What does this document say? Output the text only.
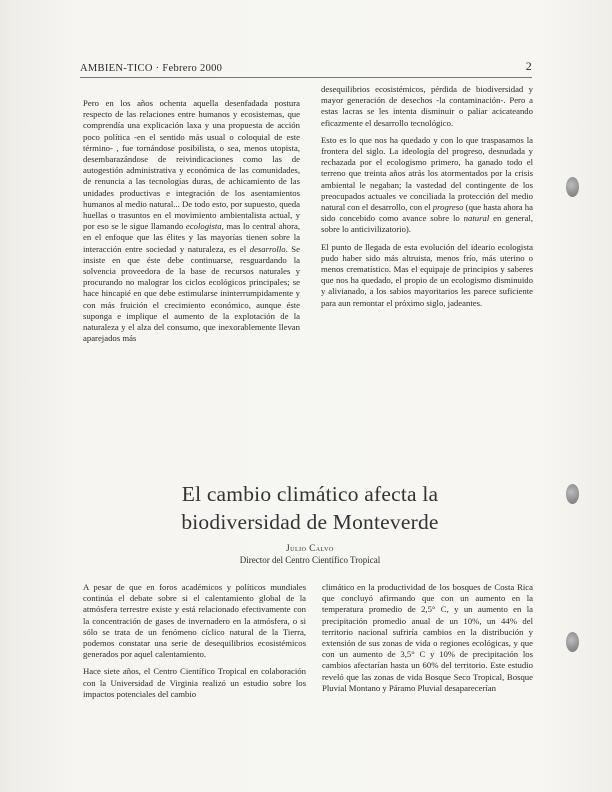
AMBIEN-TICO · Febrero 2000	2

Pero en los años ochenta aquella desenfadada postura respecto de las relaciones entre humanos y ecosistemas, que comprendía una explicación laxa y una propuesta de acción poco política -en el sentido más usual o coloquial de este término- , fue tornándose posibilista, o sea, menos utopista, desembarazándose de reivindicaciones como las de autogestión administrativa y económica de las comunidades, de renuncia a las tecnologías duras, de achicamiento de las unidades productivas e integración de los asentamientos humanos al medio natural... De todo esto, por supuesto, queda huellas o trasuntos en el movimiento ambientalista actual, y por eso se le sigue llamando ecologista, mas lo central ahora, en el enfoque que las élites y las mayorías tienen sobre la interacción entre sociedad y naturaleza, es el desarrollo. Se insiste en que éste debe continuarse, resguardando la solvencia proveedora de la base de recursos naturales y procurando no malograr los ciclos ecológicos principales; se hace hincapié en que debe estimularse ininterrumpidamente y con más fruición el crecimiento económico, aunque éste suponga e implique el aumento de la explotación de la naturaleza y el alza del consumo, que inexorablemente llevan aparejados más

desequilibrios ecosistémicos, pérdida de biodiversidad y mayor generación de desechos -la contaminación-. Pero a estas lacras se les intenta disminuir o paliar acicateando eficazmente el desarrollo tecnológico.

Esto es lo que nos ha quedado y con lo que traspasamos la frontera del siglo. La ideología del progreso, desnudada y rechazada por el ecologismo primero, ha ganado todo el terreno que treinta años atrás los atormentados por la crisis ambiental le negaban; la vastedad del contingente de los preocupados actuales ve conciliada la protección del medio natural con el desarrollo, con el progreso (que hasta ahora ha sido concebido como avance sobre lo natural en general, sobre lo anticivilizatorio).

El punto de llegada de esta evolución del ideario ecologista pudo haber sido más altruista, menos frío, más uterino o menos crematístico. Mas el equipaje de principios y saberes que nos ha quedado, el propio de un ecologismo disminuido y alivianado, a los sabios mayoritarios les parece suficiente para aun remontar el próximo siglo, jadeantes.

El cambio climático afecta la
biodiversidad de Monteverde
Julio Calvo
Director del Centro Científico Tropical

A pesar de que en foros académicos y políticos mundiales continúa el debate sobre si el calentamiento global de la atmósfera terrestre existe y está relacionado efectivamente con la concentración de gases de invernadero en la atmósfera, o si sólo se trata de un fenómeno cíclico natural de la Tierra, podemos constatar una serie de desequilibrios ecosistémicos generados por aquel calentamiento.

Hace siete años, el Centro Científico Tropical en colaboración con la Universidad de Virginia realizó un estudio sobre los impactos potenciales del cambio

climático en la productividad de los bosques de Costa Rica que concluyó afirmando que con un aumento en la temperatura promedio de 2,5° C, y un aumento en la precipitación promedio anual de un 10%, un 44% del territorio nacional sufriría cambios en la distribución y extensión de sus zonas de vida o regiones ecológicas, y que con un aumento de 3,5° C y 10% de precipitación los cambios afectarían hasta un 60% del territorio. Este estudio reveló que las zonas de vida Bosque Seco Tropical, Bosque Pluvial Montano y Páramo Pluvial desaparecerían
